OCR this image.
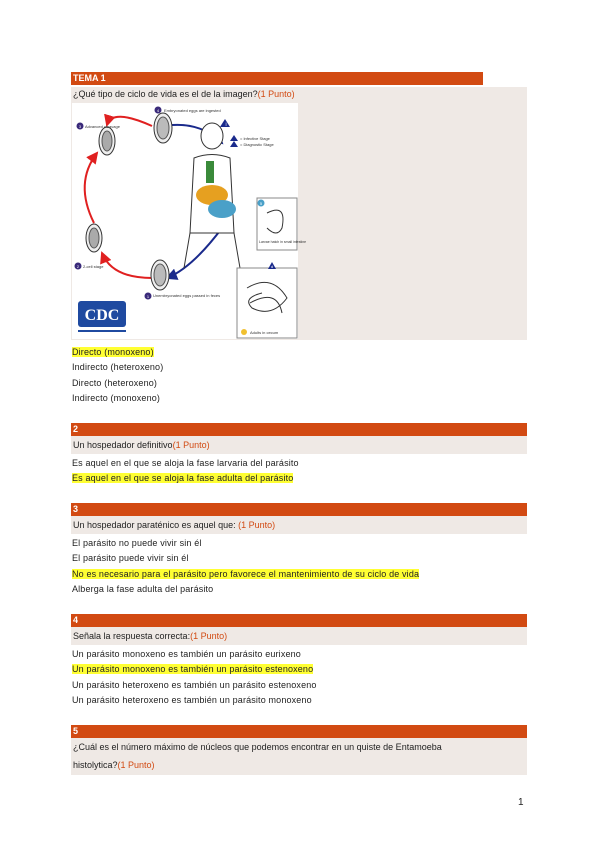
TEMA 1
¿Qué tipo de ciclo de vida es el de la imagen?(1 Punto)
i
= Infective Stage
= Diagnostic Stage
4 Embryonated eggs are ingested
3 Advanced cleavage
2 2-cell stage
1 Unembryonated eggs passed in feces
5
Larvae hatch in small intestine
Adults in cecum
d
CDC
Directo (monoxeno)
Indirecto (heteroxeno)
Directo (heteroxeno)
Indirecto (monoxeno)
2
Un hospedador definitivo(1 Punto)
Es aquel en el que se aloja la fase larvaria del parásito
Es aquel en el que se aloja la fase adulta del parásito
3
Un hospedador paraténico es aquel que: (1 Punto)
El parásito no puede vivir sin él
El parásito puede vivir sin él
No es necesario para el parásito pero favorece el mantenimiento de su ciclo de vida
Alberga la fase adulta del parásito
4
Señala la respuesta correcta:(1 Punto)
Un parásito monoxeno es también un parásito eurixeno
Un parásito monoxeno es también un parásito estenoxeno
Un parásito heteroxeno es también un parásito estenoxeno
Un parásito heteroxeno es también un parásito monoxeno
5
¿Cuál es el número máximo de núcleos que podemos encontrar en un quiste de Entamoeba
histolytica?(1 Punto)
1
